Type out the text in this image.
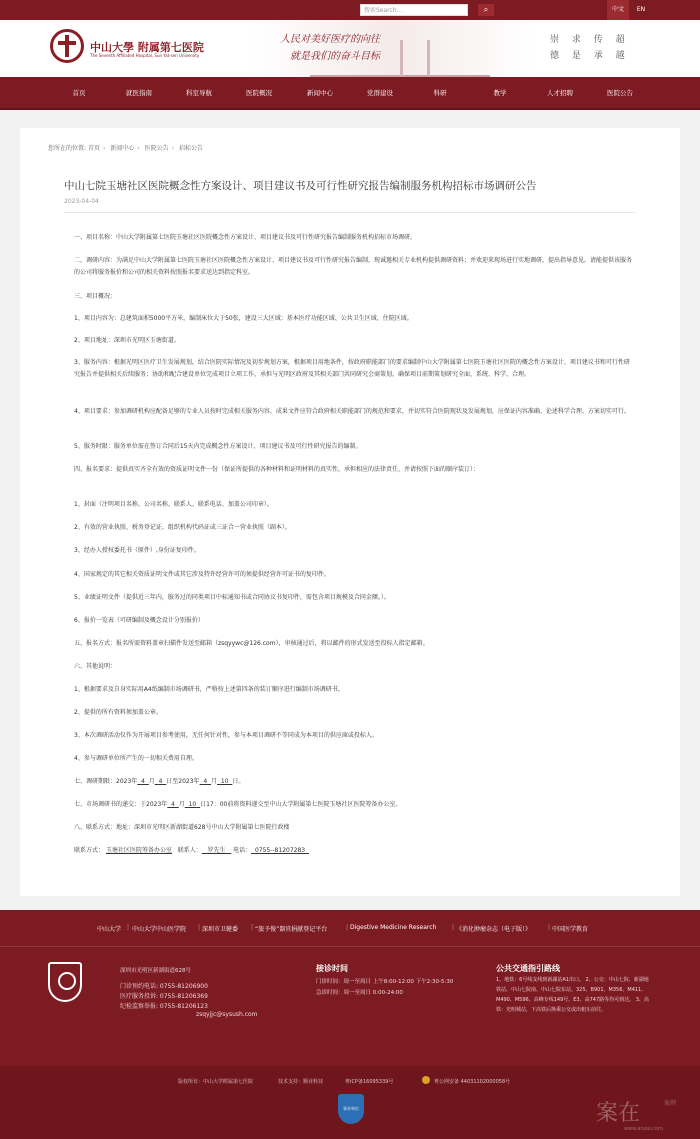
搜索Search...	⌕	中文	EN
中山大學 附属第七医院
The Seventh Affiliated Hospital, Sun Yat-sen University
人民对美好医疗的向往
就是我们的奋斗目标
崇 求 传 超
德 是 承 越
首页	就医指南	科室导航	医院概况	新闻中心	党群建设	科研	教学	人才招聘	医院公告
您所在的位置: 首页 › 新闻中心 › 医院公告 › 招标公告
中山七院玉塘社区医院概念性方案设计、项目建议书及可行性研究报告编制服务机构招标市场调研公告
2023-04-04
一、项目名称：中山大学附属第七医院玉塘社区医院概念性方案设计、项目建议书及可行性研究报告编制服务机构招标市场调研。
二、调研内容：为满足中山大学附属第七医院玉塘社区医院概念性方案设计、项目建议书及可行性研究报告编制，现诚邀相关专业机构提供调研资料；并欢迎来现场进行实地调研，提出指导意见。请能提供该服务的公司将服务报价和公司的相关资料按照报名要求送达到指定科室。
三、项目概况：
1、项目内容为：总建筑面积5000平方米，编制床位大于50张，建设三大区域：基本医疗功能区域、公共卫生区域、住院区域。
2、项目地址：深圳市光明区玉塘街道。
3、服务内容：根据光明区医疗卫生发展规划，结合医院实际情况及初步规划方案，根据项目用地条件，按政府职能部门的要求编制中山大学附属第七医院玉塘社区医院的概念性方案设计、项目建议书和可行性研究报告并提供相关后续服务；协助和配合建设单位完成项目立项工作，承担与光明区政府及其相关部门共同研究会商策划，确保项目前期策划研究全面、系统、科学、合理。
4、项目要求：参加调研机构应配备足够的专业人员按时完成相关服务内容，成果文件应符合政府相关职能部门的规范和要求，并切实符合医院现状及发展规划，应保证内容准确、论述科学合理、方案切实可行。
5、服务时限：服务单位需在签订合同后15天内完成概念性方案设计、项目建议书及可行性研究报告的编制。
四、报名要求：提供真实齐全有效的资质证明文件一份（保证所提供的各种材料和证明材料的真实性，承担相应的法律责任，并请按照下面的顺序装订）：
1、封面（注明项目名称、公司名称、联系人、联系电话、加盖公司印章）。
2、有效的营业执照、税务登记证、组织机构代码证或三证合一营业执照（副本）。
3、经办人授权委托书（原件）,身份证复印件。
4、国家规定的其它相关资质证明文件或其它涉及特许经营许可的须提供经营许可证书的复印件。
5、业绩证明文件（提供近三年内，服务过的同类项目中标通知书或合同协议书复印件，需包含项目规模及合同金额。）。
6、报价一览表（可研编制及概念设计分别报价）
五、报名方式：报名所需资料盖章扫描件发送至邮箱（zsqyywc@126.com），审核通过后，将以邮件的形式发送至投标人指定邮箱。
六、其他说明：
1、根据要求及自身实际用A4纸编制市场调研书，严格按上述第四条的装订顺序进行编制市场调研书。
2、提供的所有资料须加盖公章。
3、本次调研活动仅作为开展项目参考使用，无任何针对性，参与本项目调研不等同成为本项目的供应商或投标人。
4、参与调研单位所产生的一切相关费用自理。
七、调研期限：2023年 4 月 4 日至2023年 4 月 10 日。
七、市场调研书的递交：于2023年 4 月 10 日17：00前将资料递交至中山大学附属第七医院玉塘社区医院筹备办公室。
八、联系方式：地址：深圳市光明区新湖街道628号中山大学附属第七医院行政楼
联系方式： 玉塘社区医院筹备办公室 联系人： 罗先生 电话： 0755--81207283
中山大学 | 中山大学中山医学院 | 深圳市卫健委 | “旅予俊”器官捐献登记平台	| Digestive Medicine Research	| 《消化肿瘤杂志（电子版）》	| 中国医学教育
深圳市光明区新湖街道628号
门诊预约电话: 0755-81206900
医疗服务投诉: 0755-81206369
纪检监察举报: 0755-81206123
zsqyjjc@sysush.com
接诊时间
门诊时间：周一至周日 上午8:00-12:00 下午2:30-5:30
急诊时间：周一至周日 0:00-24:00
公共交通指引路线
1、地铁：6号线支线到新湖站A1出口。 2、公交：中山七院、新湖地铁站、中山七院南、中山七院东站。325、B901、M356、M411、M490、M596、高峰专线149号、E3、高747路等均可到达。 3、高铁：光明城站，下高铁后换乘公交或出租车前往。
版权所有：中山大学附属第七医院	技术支持：顺业科技	粤ICP备16095339号	粤公网安备 44031102000058号
事业单位	案在	案例
www.anzai.com
